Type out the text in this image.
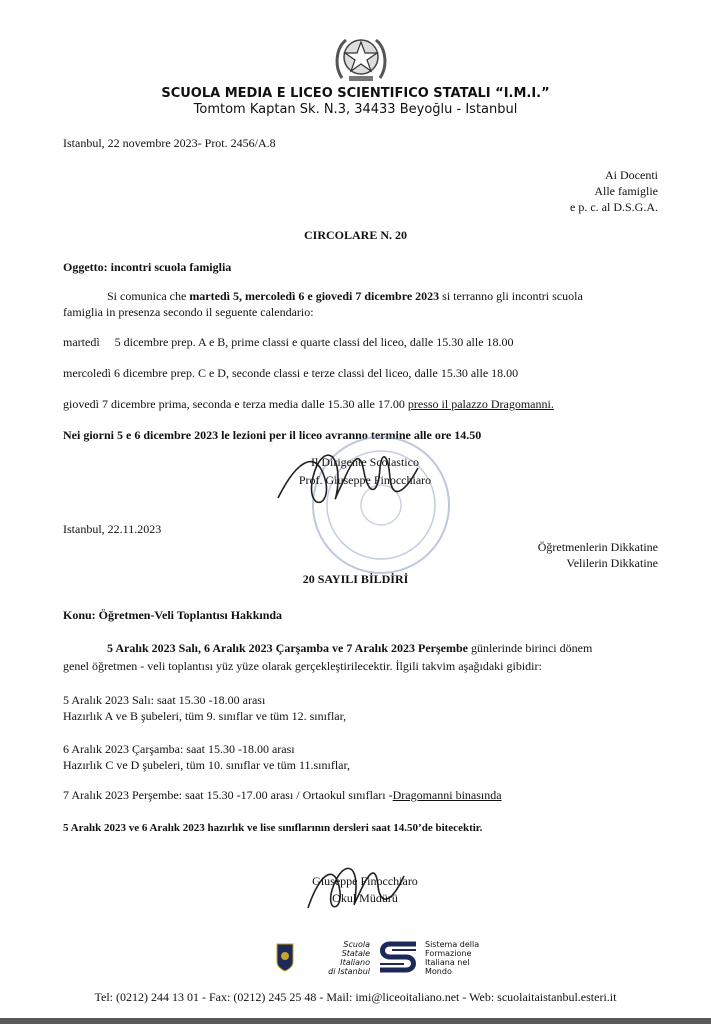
SCUOLA MEDIA E LICEO SCIENTIFICO STATALI “I.M.I.”
Tomtom Kaptan Sk. N.3, 34433 Beyoğlu - Istanbul
Istanbul, 22 novembre 2023- Prot. 2456/A.8
Ai Docenti
Alle famiglie
e p. c. al D.S.G.A.
CIRCOLARE N. 20
Oggetto: incontri scuola famiglia
Si comunica che martedì 5, mercoledì 6 e giovedi 7 dicembre 2023 si terranno gli incontri scuola
famiglia in presenza secondo il seguente calendario:
martedì     5 dicembre prep. A e B, prime classi e quarte classi del liceo, dalle 15.30 alle 18.00
mercoledì 6 dicembre prep. C e D, seconde classi e terze classi del liceo, dalle 15.30 alle 18.00
giovedì 7 dicembre prima, seconda e terza media dalle 15.30 alle 17.00 presso il palazzo Dragomanni.
Nei giorni 5 e 6 dicembre 2023 le lezioni per il liceo avranno termine alle ore 14.50
Il Dirigente Scolastico
Prof. Giuseppe Finocchiaro
Istanbul, 22.11.2023
Öğretmenlerin Dikkatine
Velilerin Dikkatine
20 SAYILI BİLDİRİ
Konu: Öğretmen-Veli Toplantısı Hakkında
5 Aralık 2023 Salı, 6 Aralık 2023 Çarşamba ve 7 Aralık 2023 Perşembe günlerinde birinci dönem
genel öğretmen - veli toplantısı yüz yüze olarak gerçekleştirilecektir. İlgili takvim aşağıdaki gibidir:
5 Aralık 2023 Salı: saat 15.30 -18.00 arası
Hazırlık A ve B şubeleri, tüm 9. sınıflar ve tüm 12. sınıflar,
6 Aralık 2023 Çarşamba: saat 15.30 -18.00 arası
Hazırlık C ve D şubeleri, tüm 10. sınıflar ve tüm 11.sınıflar,
7 Aralık 2023 Perşembe: saat 15.30 -17.00 arası / Ortaokul sınıfları -Dragomanni binasında
5 Aralık 2023 ve 6 Aralık 2023 hazırlık ve lise sınıflarının dersleri saat 14.50’de bitecektir.
Giuseppe Finocchiaro
Okul Müdürü
Scuola
Statale
Italiano
di Istanbul
Sistema della
Formazione
Italiana nel
Mondo
Tel: (0212) 244 13 01 - Fax: (0212) 245 25 48 - Mail: imi@liceoitaliano.net - Web: scuolaitaistanbul.esteri.it
